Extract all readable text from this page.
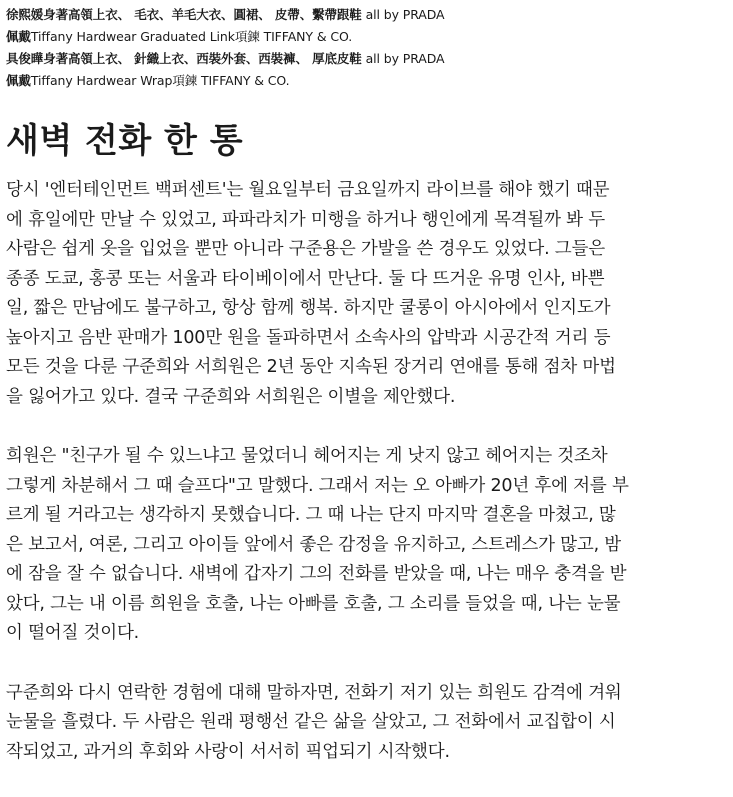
徐熙媛身著高領上衣、 毛衣、羊毛大衣、圓裙、 皮帶、繫帶跟鞋 all by PRADA
佩戴Tiffany Hardwear Graduated Link項鍊 TIFFANY & CO.
具俊曄身著高領上衣、 針織上衣、西裝外套、西裝褲、 厚底皮鞋 all by PRADA
佩戴Tiffany Hardwear Wrap項鍊 TIFFANY & CO.
새벽 전화 한 통
당시 '엔터테인먼트 백퍼센트'는 월요일부터 금요일까지 라이브를 해야 했기 때문
에 휴일에만 만날 수 있었고, 파파라치가 미행을 하거나 행인에게 목격될까 봐 두
사람은 쉽게 옷을 입었을 뿐만 아니라 구준용은 가발을 쓴 경우도 있었다. 그들은
종종 도쿄, 홍콩 또는 서울과 타이베이에서 만난다. 둘 다 뜨거운 유명 인사, 바쁜
일, 짧은 만남에도 불구하고, 항상 함께 행복. 하지만 쿨롱이 아시아에서 인지도가
높아지고 음반 판매가 100만 원을 돌파하면서 소속사의 압박과 시공간적 거리 등
모든 것을 다룬 구준희와 서희원은 2년 동안 지속된 장거리 연애를 통해 점차 마법
을 잃어가고 있다. 결국 구준희와 서희원은 이별을 제안했다.
희원은 "친구가 될 수 있느냐고 물었더니 헤어지는 게 낫지 않고 헤어지는 것조차
그렇게 차분해서 그 때 슬프다"고 말했다. 그래서 저는 오 아빠가 20년 후에 저를 부
르게 될 거라고는 생각하지 못했습니다. 그 때 나는 단지 마지막 결혼을 마쳤고, 많
은 보고서, 여론, 그리고 아이들 앞에서 좋은 감정을 유지하고, 스트레스가 많고, 밤
에 잠을 잘 수 없습니다. 새벽에 갑자기 그의 전화를 받았을 때, 나는 매우 충격을 받
았다, 그는 내 이름 희원을 호출, 나는 아빠를 호출, 그 소리를 들었을 때, 나는 눈물
이 떨어질 것이다.
구준희와 다시 연락한 경험에 대해 말하자면, 전화기 저기 있는 희원도 감격에 겨워
눈물을 흘렸다. 두 사람은 원래 평행선 같은 삶을 살았고, 그 전화에서 교집합이 시
작되었고, 과거의 후회와 사랑이 서서히 픽업되기 시작했다.
